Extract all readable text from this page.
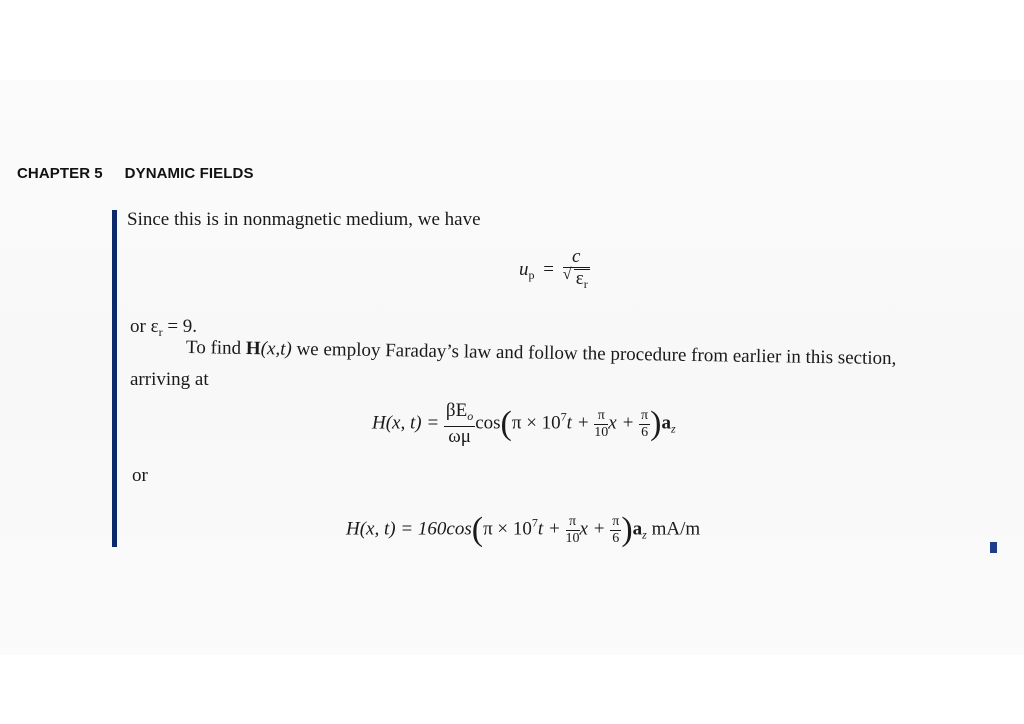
CHAPTER 5 DYNAMIC FIELDS
Since this is in nonmagnetic medium, we have
$u_p = \frac{c}{√ \varepsilon_r}$
or $\varepsilon_r = 9$.
To find H(x,t) we employ Faraday’s law and follow the procedure from earlier in this section,
arriving at
H(x, $t) = \frac{\beta E_o}{\omega\mu} \cos(\pi \times 10^7t + \frac{\pi}{10}$ $x + \frac{\pi}{6} )a_z$
or
H(x, $t) = 160\cos(\pi \times 10^7t + \frac{\pi}{10}$ $x + \frac{\pi}{6} )a_z$ mA/m
